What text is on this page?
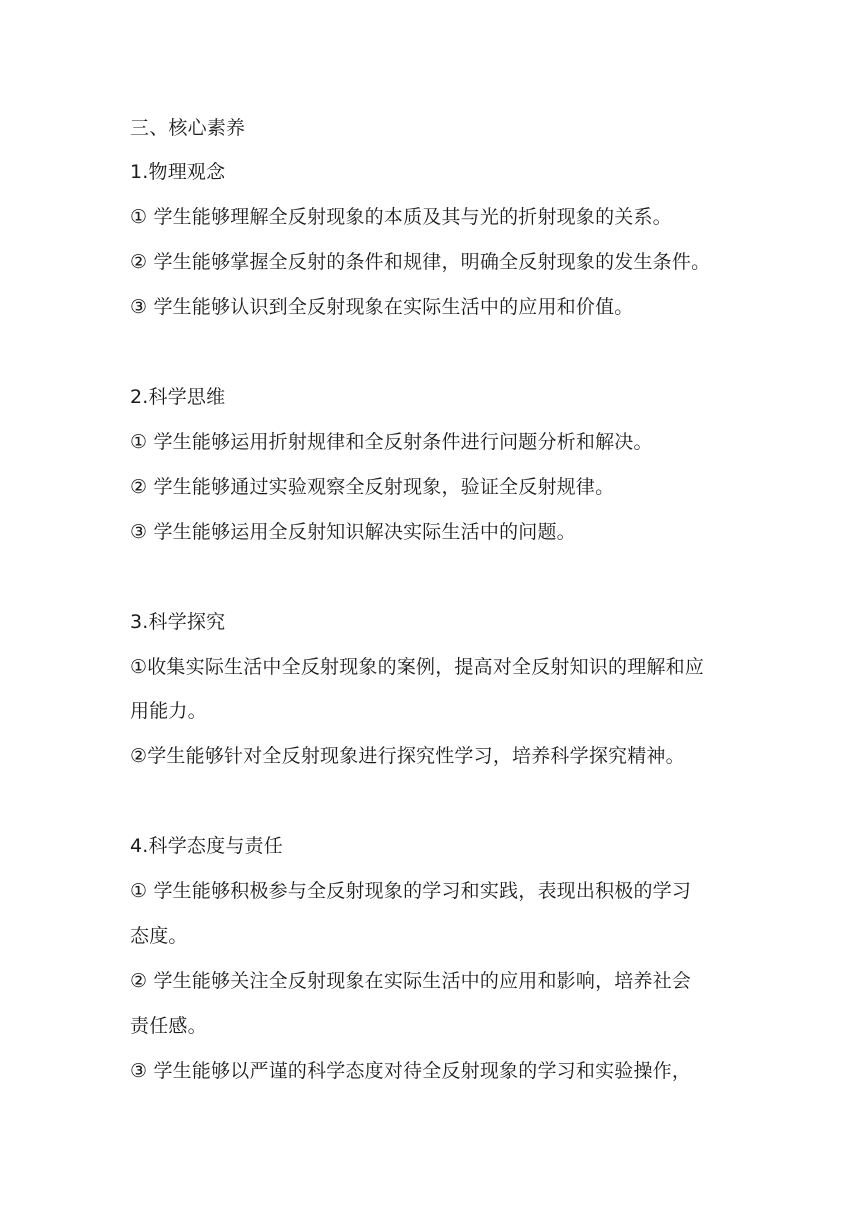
三、核心素养
1.物理观念
① 学生能够理解全反射现象的本质及其与光的折射现象的关系。
② 学生能够掌握全反射的条件和规律，明确全反射现象的发生条件。
③ 学生能够认识到全反射现象在实际生活中的应用和价值。
2.科学思维
① 学生能够运用折射规律和全反射条件进行问题分析和解决。
② 学生能够通过实验观察全反射现象，验证全反射规律。
③ 学生能够运用全反射知识解决实际生活中的问题。
3.科学探究
①收集实际生活中全反射现象的案例，提高对全反射知识的理解和应
用能力。
②学生能够针对全反射现象进行探究性学习，培养科学探究精神。
4.科学态度与责任
① 学生能够积极参与全反射现象的学习和实践，表现出积极的学习
态度。
② 学生能够关注全反射现象在实际生活中的应用和影响，培养社会
责任感。
③ 学生能够以严谨的科学态度对待全反射现象的学习和实验操作，
